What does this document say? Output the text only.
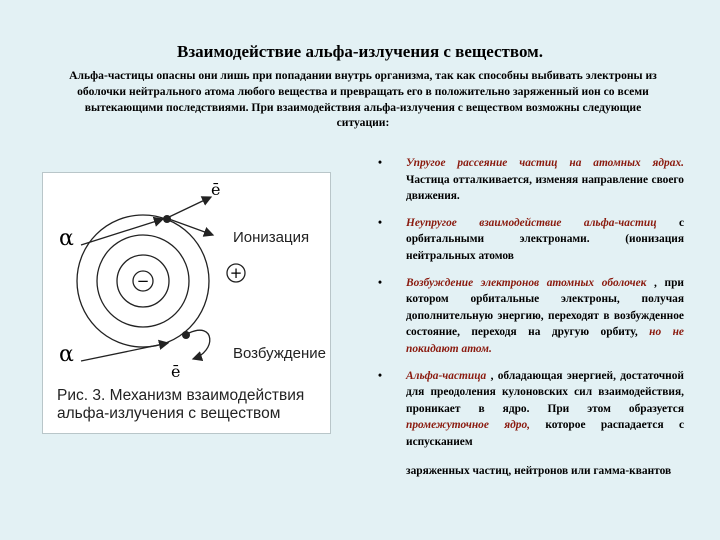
Взаимодействие альфа-излучения с веществом.
Альфа-частицы опасны они лишь при попадании внутрь организма, так как способны выбивать электроны из оболочки нейтрального атома любого вещества и превращать его в положительно заряженный ион со всеми вытекающими последствиями. При взаимодействия альфа-излучения с веществом возможны следующие ситуации:
−
α
ē
+
α
ē
Ионизация
Возбуждение
Рис. 3. Механизм взаимодействия альфа-излучения с веществом
• Упругое рассеяние частиц на атомных ядрах. Частица отталкивается, изменяя направление своего движения.
• Неупругое взаимодействие альфа-частиц с орбитальными электронами. (ионизация нейтральных атомов
• Возбуждение электронов атомных оболочек , при котором орбитальные электроны, получая дополнительную энергию, переходят в возбужденное состояние, переходя на другую орбиту, но не покидают атом.
• Альфа-частица , обладающая энергией, достаточной для преодоления кулоновских сил взаимодействия, проникает в ядро. При этом образуется промежуточное ядро, которое распадается с испусканием
заряженных частиц, нейтронов или гамма-квантов
